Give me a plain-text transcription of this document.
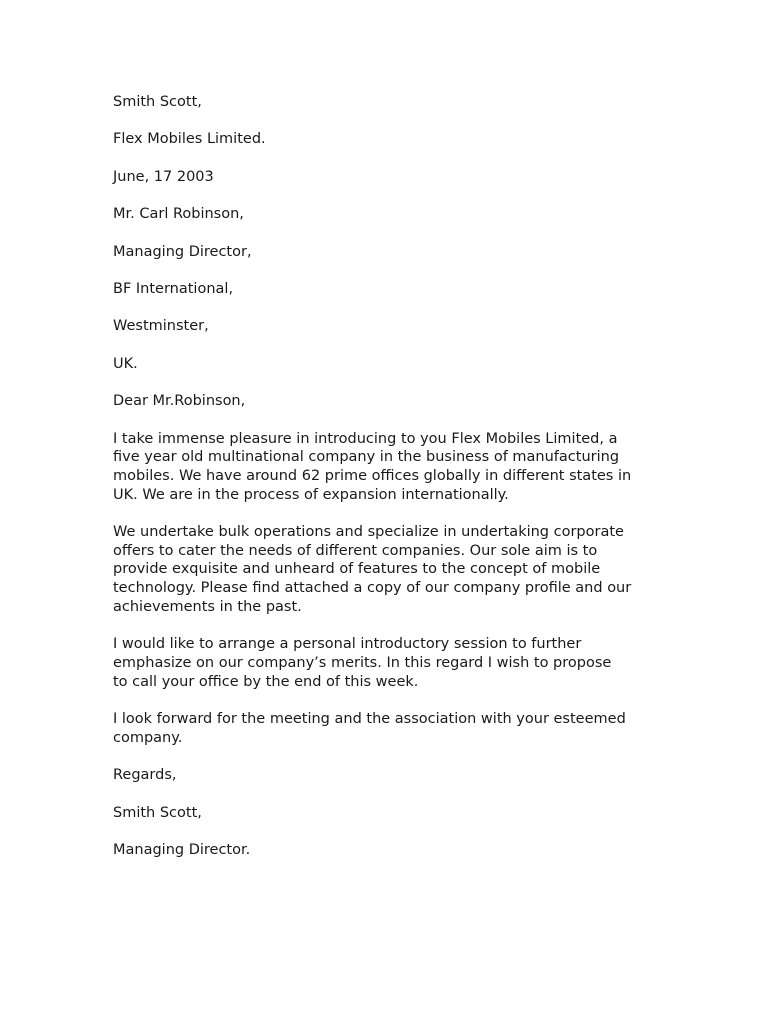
Smith Scott,
Flex Mobiles Limited.
June, 17 2003
Mr. Carl Robinson,
Managing Director,
BF International,
Westminster,
UK.
Dear Mr.Robinson,
I take immense pleasure in introducing to you Flex Mobiles Limited, a
five year old multinational company in the business of manufacturing
mobiles. We have around 62 prime offices globally in different states in
UK. We are in the process of expansion internationally.
We undertake bulk operations and specialize in undertaking corporate
offers to cater the needs of different companies. Our sole aim is to
provide exquisite and unheard of features to the concept of mobile
technology. Please find attached a copy of our company profile and our
achievements in the past.
I would like to arrange a personal introductory session to further
emphasize on our company’s merits. In this regard I wish to propose
to call your office by the end of this week.
I look forward for the meeting and the association with your esteemed
company.
Regards,
Smith Scott,
Managing Director.
